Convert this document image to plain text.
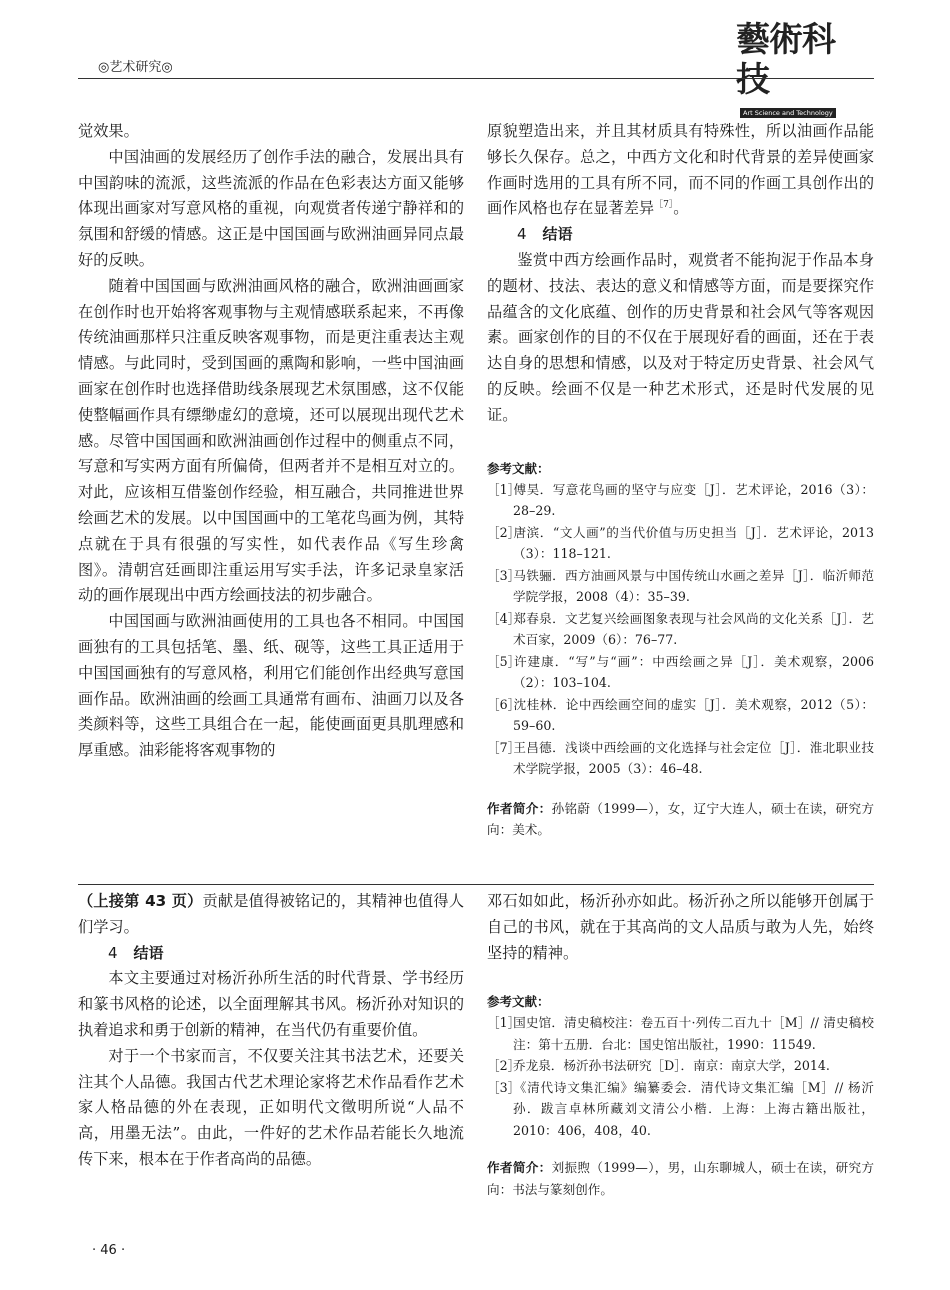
◎艺术研究◎
藝術科技
Art Science and Technology

觉效果。

中国油画的发展经历了创作手法的融合，发展出具有中国韵味的流派，这些流派的作品在色彩表达方面又能够体现出画家对写意风格的重视，向观赏者传递宁静祥和的氛围和舒缓的情感。这正是中国国画与欧洲油画异同点最好的反映。

随着中国国画与欧洲油画风格的融合，欧洲油画画家在创作时也开始将客观事物与主观情感联系起来，不再像传统油画那样只注重反映客观事物，而是更注重表达主观情感。与此同时，受到国画的熏陶和影响，一些中国油画画家在创作时也选择借助线条展现艺术氛围感，这不仅能使整幅画作具有缥缈虚幻的意境，还可以展现出现代艺术感。尽管中国国画和欧洲油画创作过程中的侧重点不同，写意和写实两方面有所偏倚，但两者并不是相互对立的。对此，应该相互借鉴创作经验，相互融合，共同推进世界绘画艺术的发展。以中国国画中的工笔花鸟画为例，其特点就在于具有很强的写实性，如代表作品《写生珍禽图》。清朝宫廷画即注重运用写实手法，许多记录皇家活动的画作展现出中西方绘画技法的初步融合。

中国国画与欧洲油画使用的工具也各不相同。中国国画独有的工具包括笔、墨、纸、砚等，这些工具正适用于中国国画独有的写意风格，利用它们能创作出经典写意国画作品。欧洲油画的绘画工具通常有画布、油画刀以及各类颜料等，这些工具组合在一起，能使画面更具肌理感和厚重感。油彩能将客观事物的

原貌塑造出来，并且其材质具有特殊性，所以油画作品能够长久保存。总之，中西方文化和时代背景的差异使画家作画时选用的工具有所不同，而不同的作画工具创作出的画作风格也存在显著差异$^{[7]}$。

4 结语

鉴赏中西方绘画作品时，观赏者不能拘泥于作品本身的题材、技法、表达的意义和情感等方面，而是要探究作品蕴含的文化底蕴、创作的历史背景和社会风气等客观因素。画家创作的目的不仅在于展现好看的画面，还在于表达自身的思想和情感，以及对于特定历史背景、社会风气的反映。绘画不仅是一种艺术形式，还是时代发展的见证。

参考文献：
［1］傅昊．写意花鸟画的坚守与应变［J］．艺术评论，2016（3）：28–29.
［2］唐滨．“文人画”的当代价值与历史担当［J］．艺术评论，2013（3）：118–121.
［3］马铁骊．西方油画风景与中国传统山水画之差异［J］．临沂师范学院学报，2008（4）：35–39.
［4］郑春泉．文艺复兴绘画图象表现与社会风尚的文化关系［J］．艺术百家，2009（6）：76–77.
［5］许建康．“写”与“画”：中西绘画之异［J］．美术观察，2006（2）：103–104.
［6］沈桂林．论中西绘画空间的虚实［J］．美术观察，2012（5）：59–60.
［7］王昌德．浅谈中西绘画的文化选择与社会定位［J］．淮北职业技术学院学报，2005（3）：46–48.
作者简介：孙铭蔚（1999—），女，辽宁大连人，硕士在读，研究方向：美术。

（上接第 43 页）贡献是值得被铭记的，其精神也值得人们学习。

4 结语

本文主要通过对杨沂孙所生活的时代背景、学书经历和篆书风格的论述，以全面理解其书风。杨沂孙对知识的执着追求和勇于创新的精神，在当代仍有重要价值。

对于一个书家而言，不仅要关注其书法艺术，还要关注其个人品德。我国古代艺术理论家将艺术作品看作艺术家人格品德的外在表现，正如明代文徵明所说“人品不高，用墨无法”。由此，一件好的艺术作品若能长久地流传下来，根本在于作者高尚的品德。

邓石如如此，杨沂孙亦如此。杨沂孙之所以能够开创属于自己的书风，就在于其高尚的文人品质与敢为人先，始终坚持的精神。

参考文献：
［1］国史馆．清史稿校注：卷五百十·列传二百九十［M］// 清史稿校注：第十五册．台北：国史馆出版社，1990：11549.
［2］乔龙泉．杨沂孙书法研究［D］．南京：南京大学，2014.
［3］《清代诗文集汇编》编纂委会．清代诗文集汇编［M］// 杨沂孙．跋言卓林所藏刘文清公小楷．上海：上海古籍出版社，2010：406，408，40.
作者简介：刘振煦（1999—），男，山东聊城人，硕士在读，研究方向：书法与篆刻创作。
· 46 ·
